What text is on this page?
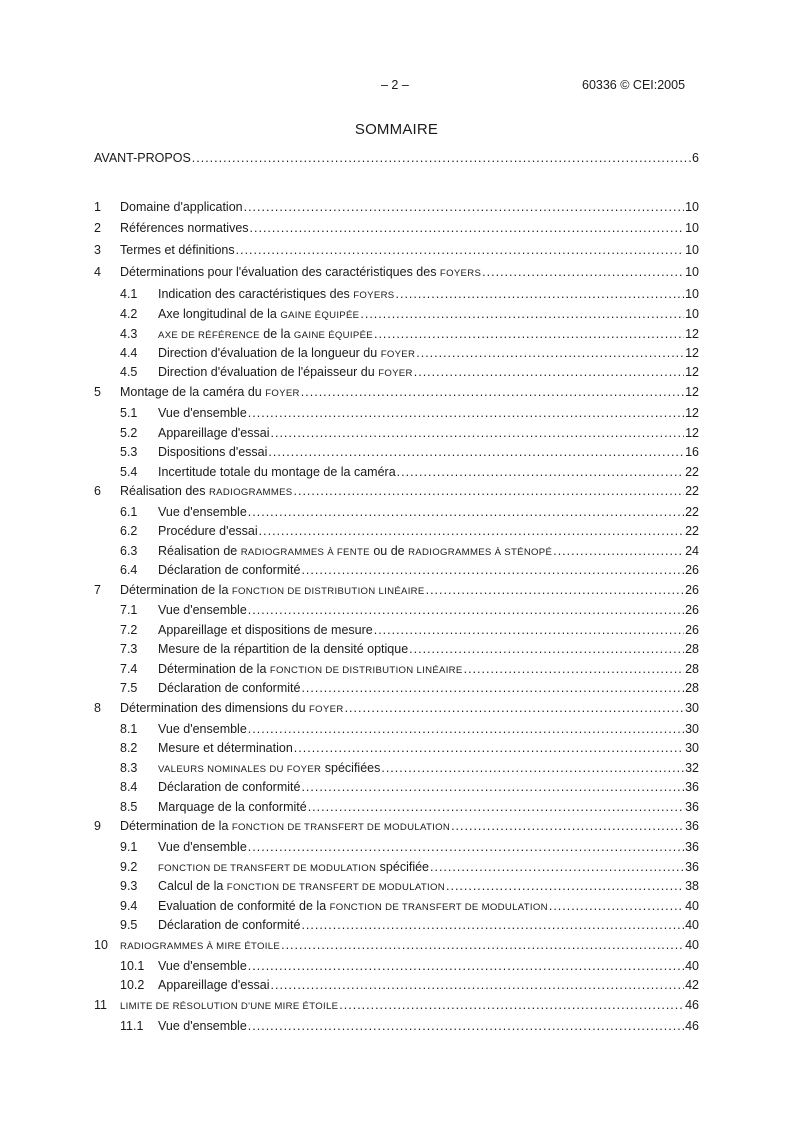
– 2 –	60336 © CEI:2005
SOMMAIRE
AVANT-PROPOS .....	6
1 Domaine d'application .....	10
2 Références normatives .....	10
3 Termes et définitions .....	10
4 Déterminations pour l'évaluation des caractéristiques des FOYERS .....	10
4.1 Indication des caractéristiques des FOYERS .....	10
4.2 Axe longitudinal de la GAINE ÉQUIPÉE .....	10
4.3 AXE DE RÉFÉRENCE de la GAINE ÉQUIPÉE .....	12
4.4 Direction d'évaluation de la longueur du FOYER .....	12
4.5 Direction d'évaluation de l'épaisseur du FOYER .....	12
5 Montage de la caméra du FOYER .....	12
5.1 Vue d'ensemble .....	12
5.2 Appareillage d'essai .....	12
5.3 Dispositions d'essai .....	16
5.4 Incertitude totale du montage de la caméra .....	22
6 Réalisation des RADIOGRAMMES .....	22
6.1 Vue d'ensemble .....	22
6.2 Procédure d'essai .....	22
6.3 Réalisation de RADIOGRAMMES À FENTE ou de RADIOGRAMMES À STÉNOPÉ .....	24
6.4 Déclaration de conformité .....	26
7 Détermination de la FONCTION DE DISTRIBUTION LINÉAIRE .....	26
7.1 Vue d'ensemble .....	26
7.2 Appareillage et dispositions de mesure .....	26
7.3 Mesure de la répartition de la densité optique .....	28
7.4 Détermination de la FONCTION DE DISTRIBUTION LINÉAIRE .....	28
7.5 Déclaration de conformité .....	28
8 Détermination des dimensions du FOYER .....	30
8.1 Vue d'ensemble .....	30
8.2 Mesure et détermination .....	30
8.3 VALEURS NOMINALES DU FOYER spécifiées .....	32
8.4 Déclaration de conformité .....	36
8.5 Marquage de la conformité .....	36
9 Détermination de la FONCTION DE TRANSFERT DE MODULATION .....	36
9.1 Vue d'ensemble .....	36
9.2 FONCTION DE TRANSFERT DE MODULATION spécifiée .....	36
9.3 Calcul de la FONCTION DE TRANSFERT DE MODULATION .....	38
9.4 Evaluation de conformité de la FONCTION DE TRANSFERT DE MODULATION .....	40
9.5 Déclaration de conformité .....	40
10 RADIOGRAMMES À MIRE ÉTOILE .....	40
10.1 Vue d'ensemble .....	40
10.2 Appareillage d'essai .....	42
11 LIMITE DE RÉSOLUTION D'UNE MIRE ÉTOILE .....	46
11.1 Vue d'ensemble .....	46
